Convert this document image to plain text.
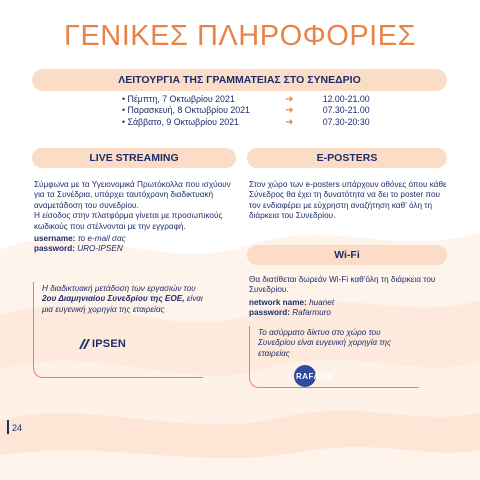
ΓΕΝΙΚΕΣ ΠΛΗΡΟΦΟΡΙΕΣ
ΛΕΙΤΟΥΡΓΙΑ ΤΗΣ ΓΡΑΜΜΑΤΕΙΑΣ ΣΤΟ ΣΥΝΕΔΡΙΟ
• Πέμπτη, 7 Οκτωβρίου 2021	➜	12.00-21.00
• Παρασκευή, 8 Οκτωβρίου 2021	➜	07.30-21.00
• Σάββατο, 9 Οκτωβρίου 2021	➜	07.30-20:30
LIVE STREAMING

Σύμφωνα με τα Υγειονομικά Πρωτόκολλα που ισχύουν για τα Συνέδρια, υπάρχει ταυτόχρονη διαδικτυακή αναμετάδοση του συνεδρίου.

Η είσοδος στην πλατφόρμα γίνεται με προσωπικούς κωδικούς που στέλνονται με την εγγραφή.

username: το e-mail σας

password: URO-IPSEN

Η διαδικτυακή μετάδοση των εργασιών του 2ου Διαμηνιαίου Συνεδρίου της ΕΟΕ, είναι μια ευγενική χορηγία της εταιρείας
IPSEN
E-POSTERS

Στον χώρο των e-posters υπάρχουν οθόνες όπου κάθε Σύνεδρος θα έχει τη δυνατότητα να δει το poster που τον ενδιαφέρει με εύχρηστη αναζήτηση καθ’ όλη τη διάρκεια του Συνεδρίου.

Wi-Fi

Θα διατίθεται δωρεάν Wi-Fi καθ’όλη τη διάρκεια του Συνεδρίου.

network name: huanet

password: Rafarmuro

Το ασύρματο δίκτυο στο χώρο του Συνεδρίου είναι ευγενική χορηγία της εταιρείας
RAFARM
24
